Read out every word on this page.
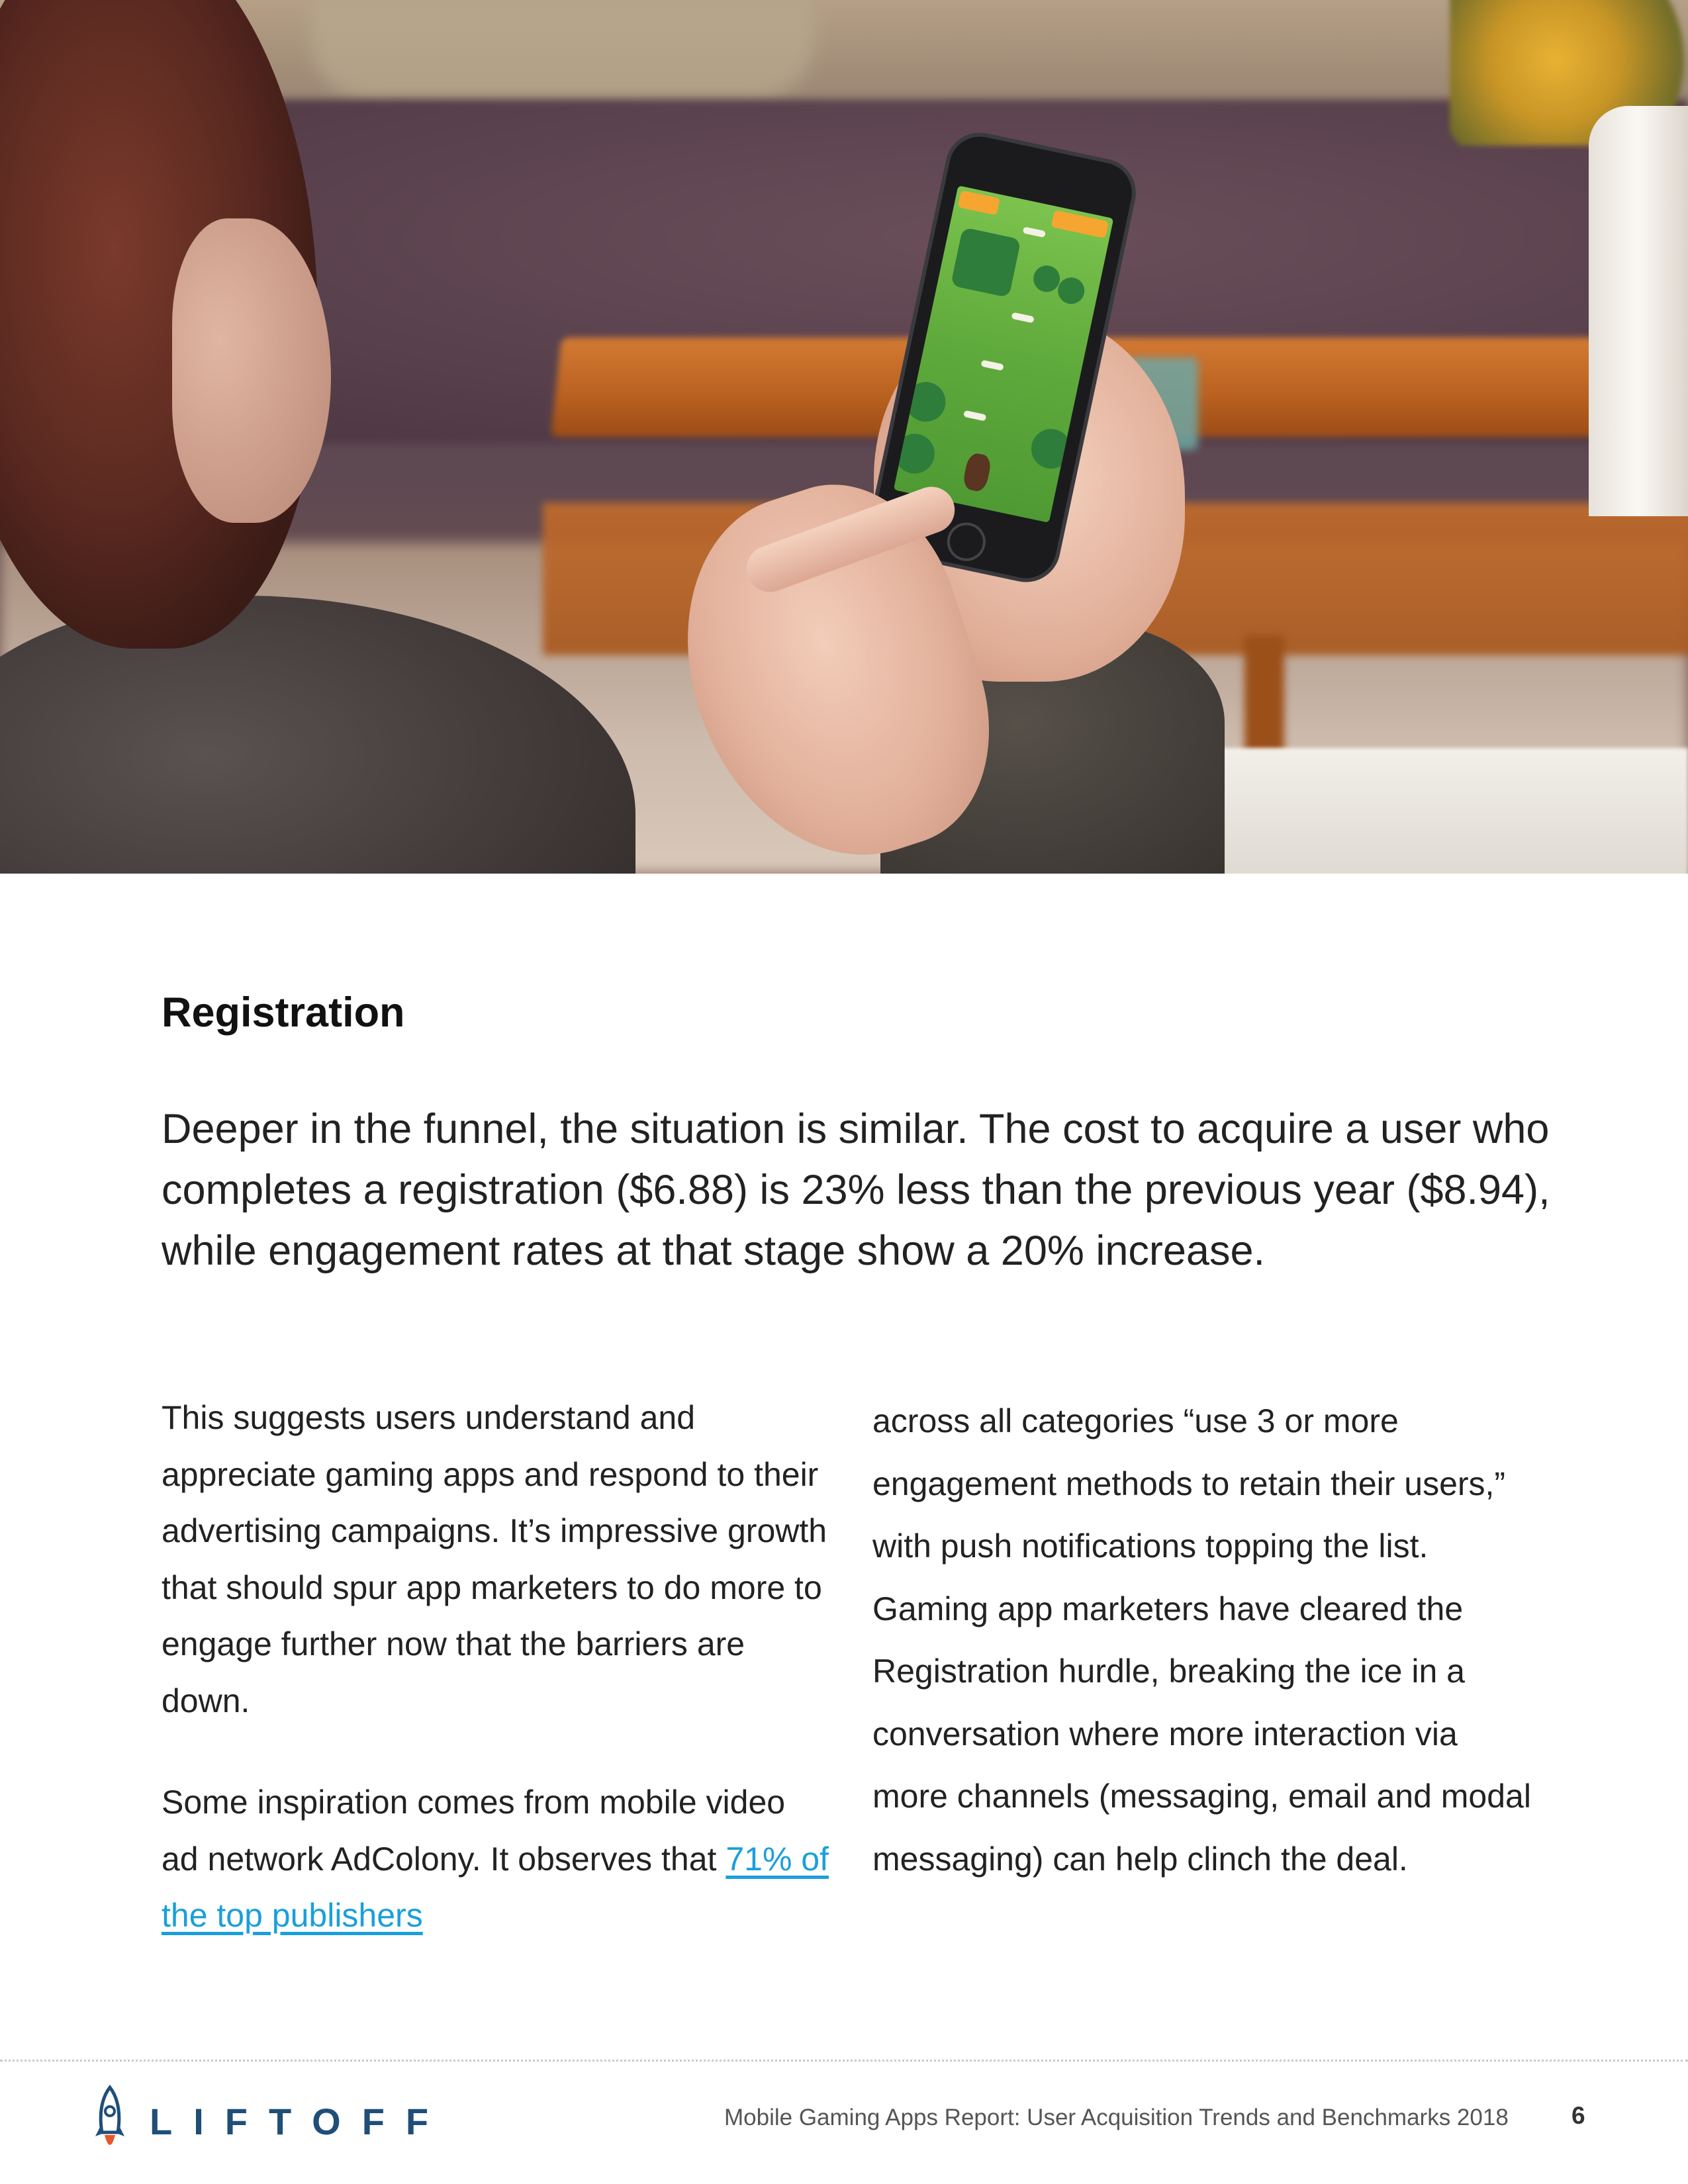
Registration

Deeper in the funnel, the situation is similar. The cost to acquire a user who completes a registration ($6.88) is 23% less than the previous year ($8.94), while engagement rates at that stage show a 20% increase.

This suggests users understand and appreciate gaming apps and respond to their advertising campaigns. It’s impressive growth that should spur app marketers to do more to engage further now that the barriers are down.

Some inspiration comes from mobile video ad network AdColony. It observes that 71% of the top publishers

across all categories “use 3 or more engagement methods to retain their users,” with push notifications topping the list. Gaming app marketers have cleared the Registration hurdle, breaking the ice in a conversation where more interaction via more channels (messaging, email and modal messaging) can help clinch the deal.

LIFTOFF	Mobile Gaming Apps Report: User Acquisition Trends and Benchmarks 2018	6
